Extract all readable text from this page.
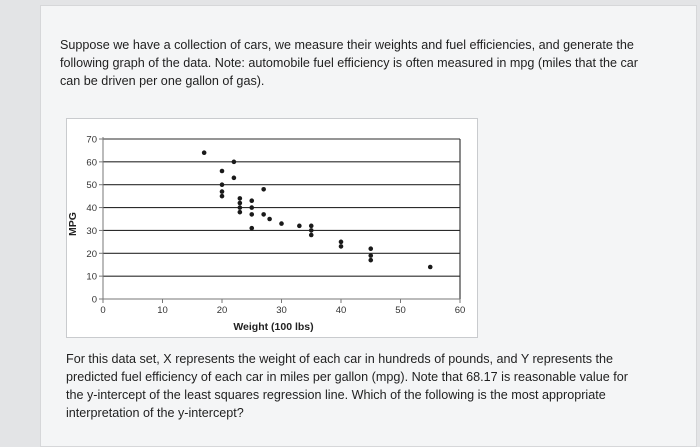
Suppose we have a collection of cars, we measure their weights and fuel efficiencies, and generate the following graph of the data. Note: automobile fuel efficiency is often measured in mpg (miles that the car can be driven per one gallon of gas).

0
10
20
30
40
50
60
70
0	10	20	30	40	50	60
Weight (100 lbs)
MPG

For this data set, X represents the weight of each car in hundreds of pounds, and Y represents the predicted fuel efficiency of each car in miles per gallon (mpg). Note that 68.17 is reasonable value for the y-intercept of the least squares regression line. Which of the following is the most appropriate interpretation of the y-intercept?
